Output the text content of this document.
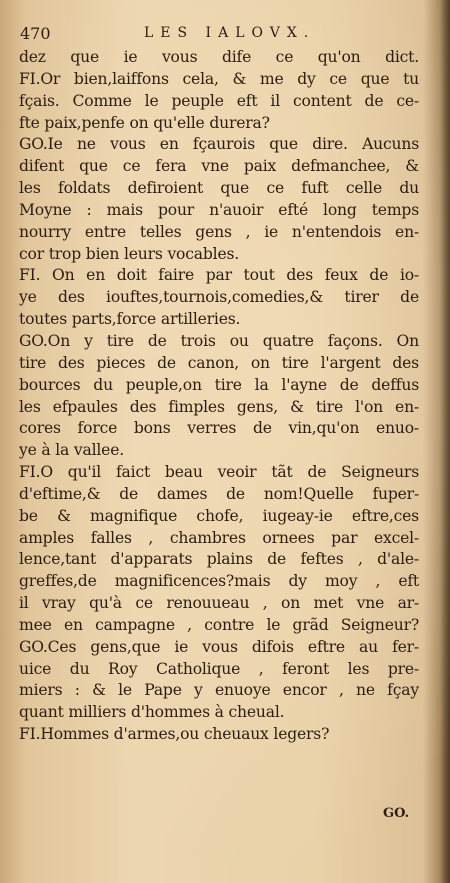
470	LES IALOVX.
dez que ie vous dife ce qu'on dict.
FI.Or bien,laiffons cela, & me dy ce que tu
fçais. Comme le peuple eft il content de ce-
fte paix,penfe on qu'elle durera?
GO.Ie ne vous en fçaurois que dire. Aucuns
difent que ce fera vne paix defmanchee, &
les foldats defiroient que ce fuft celle du
Moyne : mais pour n'auoir efté long temps
nourry entre telles gens , ie n'entendois en-
cor trop bien leurs vocables.
FI. On en doit faire par tout des feux de io-
ye des iouftes,tournois,comedies,& tirer de
toutes parts,force artilleries.
GO.On y tire de trois ou quatre façons. On
tire des pieces de canon, on tire l'argent des
bources du peuple,on tire la l'ayne de deffus
les efpaules des fimples gens, & tire l'on en-
cores force bons verres de vin,qu'on enuo-
ye à la vallee.
FI.O qu'il faict beau veoir tãt de Seigneurs
d'eftime,& de dames de nom!Quelle fuper-
be & magnifique chofe, iugeay-ie eftre,ces
amples falles , chambres ornees par excel-
lence,tant d'apparats plains de feftes , d'ale-
greffes,de magnificences?mais dy moy , eft
il vray qu'à ce renouueau , on met vne ar-
mee en campagne , contre le grãd Seigneur?
GO.Ces gens,que ie vous difois eftre au fer-
uice du Roy Catholique , feront les pre-
miers : & le Pape y enuoye encor , ne fçay
quant milliers d'hommes à cheual.
FI.Hommes d'armes,ou cheuaux legers?
GO.
